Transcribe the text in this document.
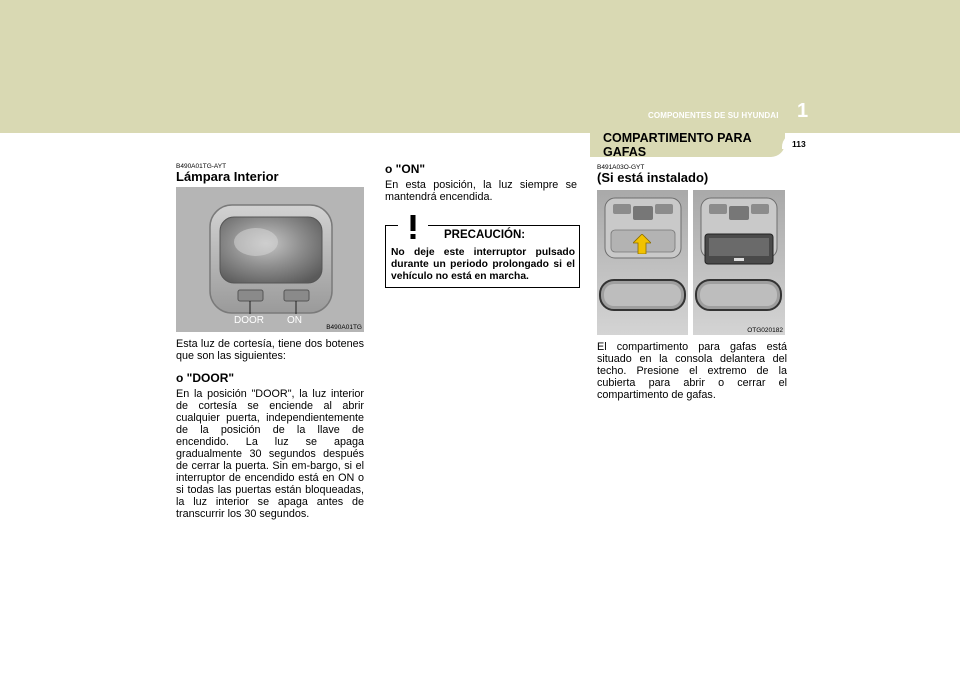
COMPONENTES DE SU HYUNDAI 1
113
COMPARTIMENTO PARA GAFAS
B490A01TG-AYT
Lámpara Interior
DOOR ON
B490A01TG

Esta luz de cortesía, tiene dos botenes que son las siguientes:

o "DOOR"

En la posición "DOOR", la luz interior de cortesía se enciende al abrir cualquier puerta, independientemente de la posición de la llave de encendido. La luz se apaga gradualmente 30 segundos después de cerrar la puerta. Sin em-bargo, si el interruptor de encendido está en ON o si todas las puertas están bloqueadas, la luz interior se apaga antes de transcurrir los 30 segundos.

o "ON"

En esta posición, la luz siempre se mantendrá encendida.

PRECAUCIÓN:

No deje este interruptor pulsado durante un periodo prolongado si el vehículo no está en marcha.

B491A03O-GYT
(Si está instalado)
OTG020182

El compartimento para gafas está situado en la consola delantera del techo. Presione el extremo de la cubierta para abrir o cerrar el compartimento de gafas.
